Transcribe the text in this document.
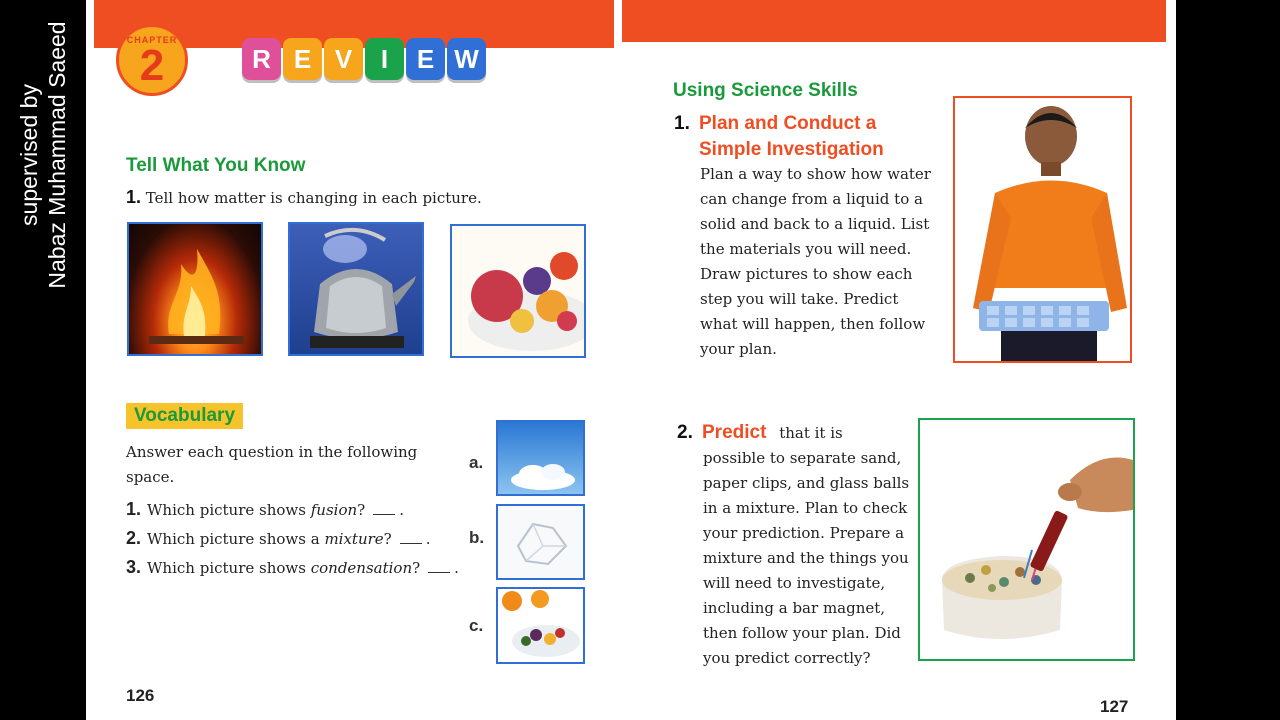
supervised by Nabaz Muhammad Saeed	CHAPTER
2	R E V I E W
Tell What You Know
1. Tell how matter is changing in each picture.
Vocabulary
Answer each question in the following space.
1. Which picture shows fusion? .
2. Which picture shows a mixture? .
3. Which picture shows condensation? .
a.
b.
c.
126
Using Science Skills
1. Plan and Conduct a
Simple Investigation
Plan a way to show how water
can change from a liquid to a
solid and back to a liquid. List
the materials you will need.
Draw pictures to show each
step you will take. Predict
what will happen, then follow
your plan.
2. Predict that it is
possible to separate sand,
paper clips, and glass balls
in a mixture. Plan to check
your prediction. Prepare a
mixture and the things you
will need to investigate,
including a bar magnet,
then follow your plan. Did
you predict correctly?
127
